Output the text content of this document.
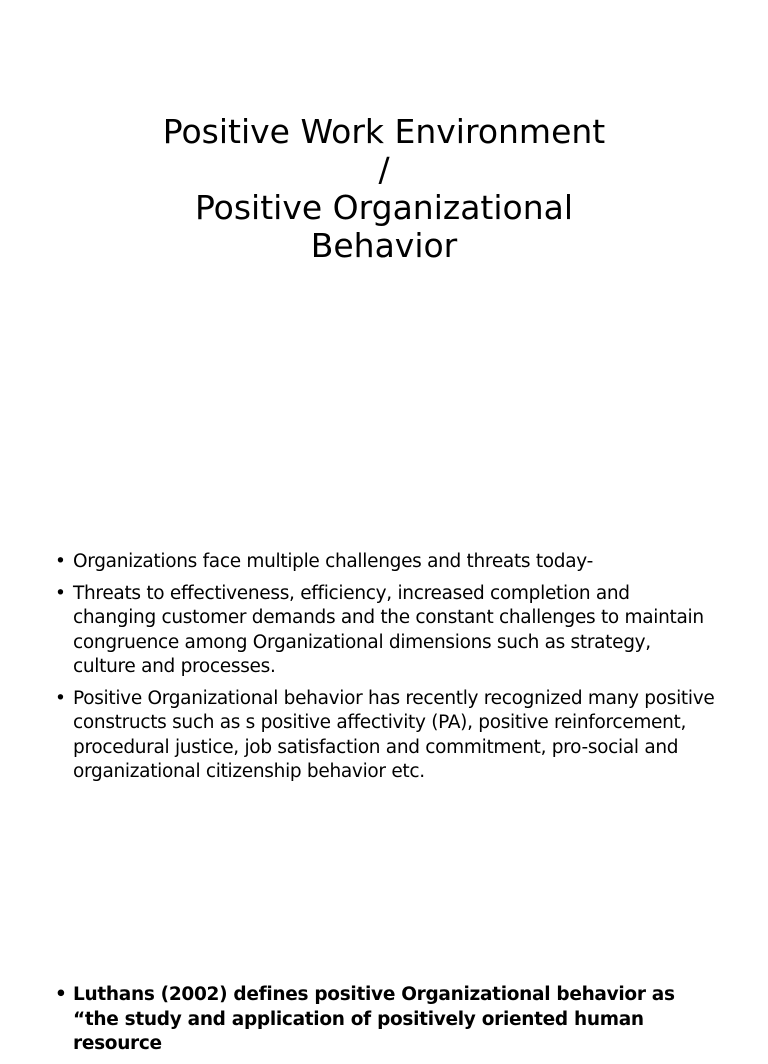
Positive Work Environment
/
Positive Organizational
Behavior
• Organizations face multiple challenges and threats today-
• Threats to effectiveness, efficiency, increased completion and changing customer demands and the constant challenges to maintain congruence among Organizational dimensions such as strategy, culture and processes.
• Positive Organizational behavior has recently recognized many positive constructs such as s positive affectivity (PA), positive reinforcement, procedural justice, job satisfaction and commitment, pro-social and organizational citizenship behavior etc.
• Luthans (2002) defines positive Organizational behavior as “the study and application of positively oriented human resource
